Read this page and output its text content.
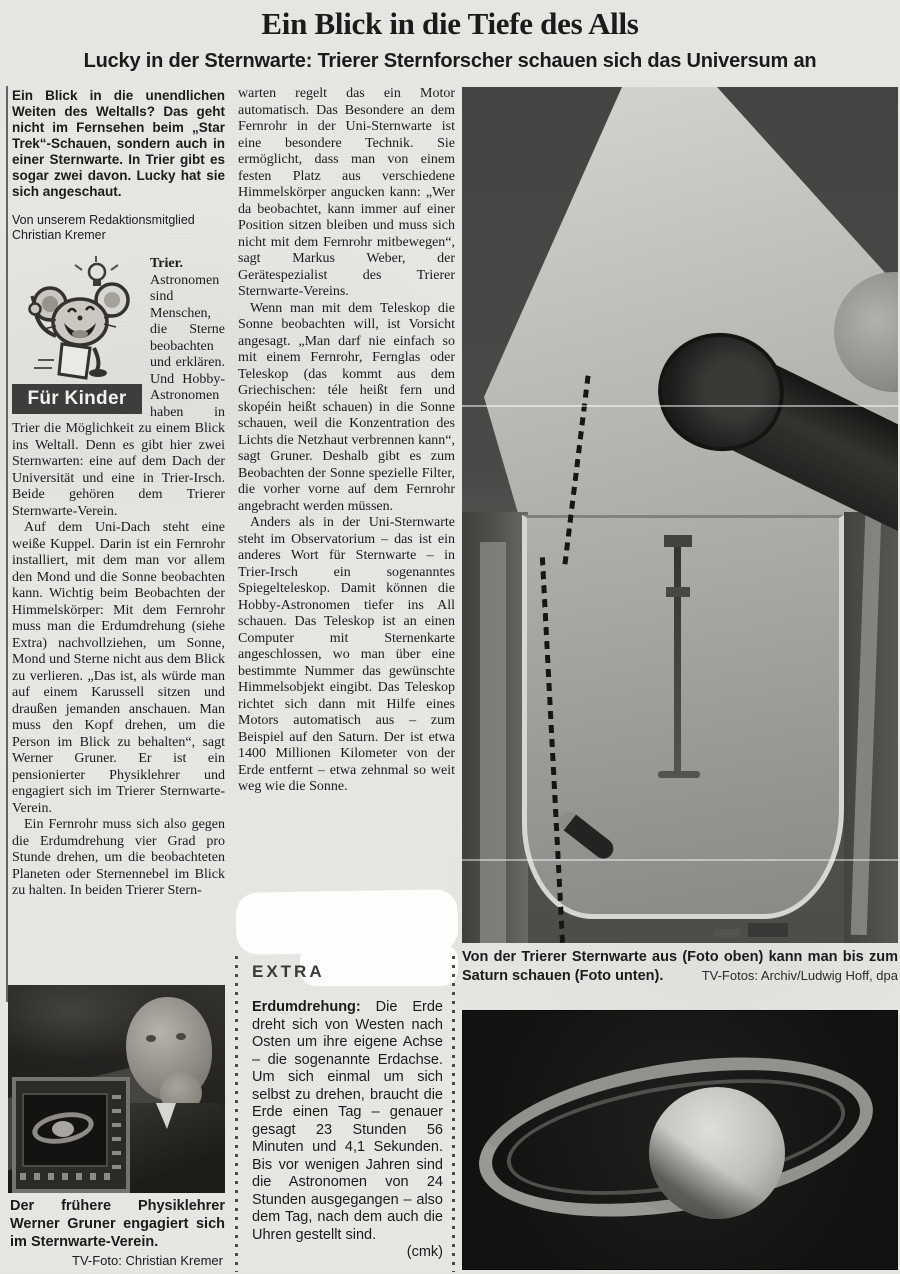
Ein Blick in die Tiefe des Alls
Lucky in der Sternwarte: Trierer Sternforscher schauen sich das Universum an

Ein Blick in die unendlichen Weiten des Weltalls? Das geht nicht im Fernsehen beim „Star Trek“-Schauen, sondern auch in einer Sternwarte. In Trier gibt es sogar zwei davon. Lucky hat sie sich angeschaut.

Von unserem Redaktionsmitglied
Christian Kremer

Für Kinder
Trier. Astronomen sind Menschen, die Sterne beobachten und erklären. Und Hobby-Astronomen haben in Trier die Möglichkeit zu einem Blick ins Weltall. Denn es gibt hier zwei Sternwarten: eine auf dem Dach der Universität und eine in Trier-Irsch. Beide gehören dem Trierer Sternwarte-Verein.

Auf dem Uni-Dach steht eine weiße Kuppel. Darin ist ein Fernrohr installiert, mit dem man vor allem den Mond und die Sonne beobachten kann. Wichtig beim Beobachten der Himmelskörper: Mit dem Fernrohr muss man die Erdumdrehung (siehe Extra) nachvollziehen, um Sonne, Mond und Sterne nicht aus dem Blick zu verlieren. „Das ist, als würde man auf einem Karussell sitzen und draußen jemanden anschauen. Man muss den Kopf drehen, um die Person im Blick zu behalten“, sagt Werner Gruner. Er ist ein pensionierter Physiklehrer und engagiert sich im Trierer Sternwarte-Verein.

Ein Fernrohr muss sich also gegen die Erdumdrehung vier Grad pro Stunde drehen, um die beobachteten Planeten oder Sternennebel im Blick zu halten. In beiden Trierer Stern-

warten regelt das ein Motor automatisch. Das Besondere an dem Fernrohr in der Uni-Sternwarte ist eine besondere Technik. Sie ermöglicht, dass man von einem festen Platz aus verschiedene Himmelskörper angucken kann: „Wer da beobachtet, kann immer auf einer Position sitzen bleiben und muss sich nicht mit dem Fernrohr mitbewegen“, sagt Markus Weber, der Gerätespezialist des Trierer Sternwarte-Vereins.

Wenn man mit dem Teleskop die Sonne beobachten will, ist Vorsicht angesagt. „Man darf nie einfach so mit einem Fernrohr, Fernglas oder Teleskop (das kommt aus dem Griechischen: téle heißt fern und skopéin heißt schauen) in die Sonne schauen, weil die Konzentration des Lichts die Netzhaut verbrennen kann“, sagt Gruner. Deshalb gibt es zum Beobachten der Sonne spezielle Filter, die vorher vorne auf dem Fernrohr angebracht werden müssen.

Anders als in der Uni-Sternwarte steht im Observatorium – das ist ein anderes Wort für Sternwarte – in Trier-Irsch ein sogenanntes Spiegelteleskop. Damit können die Hobby-Astronomen tiefer ins All schauen. Das Teleskop ist an einen Computer mit Sternenkarte angeschlossen, wo man über eine bestimmte Nummer das gewünschte Himmelsobjekt eingibt. Das Teleskop richtet sich dann mit Hilfe eines Motors automatisch aus – zum Beispiel auf den Saturn. Der ist etwa 1400 Millionen Kilometer von der Erde entfernt – etwa zehnmal so weit weg wie die Sonne.

Von der Trierer Sternwarte aus (Foto oben) kann man bis zum Saturn schauen (Foto unten).	TV-Fotos: Archiv/Ludwig Hoff, dpa
EXTRA

Erdumdrehung: Die Erde dreht sich von Westen nach Osten um ihre eigene Achse – die sogenannte Erdachse. Um sich einmal um sich selbst zu drehen, braucht die Erde einen Tag – genauer gesagt 23 Stunden 56 Minuten und 4,1 Sekunden. Bis vor wenigen Jahren sind die Astronomen von 24 Stunden ausgegangen – also dem Tag, nach dem auch die Uhren gestellt sind.

(cmk)

Der frühere Physiklehrer Werner Gruner engagiert sich im Sternwarte-Verein.

TV-Foto: Christian Kremer
